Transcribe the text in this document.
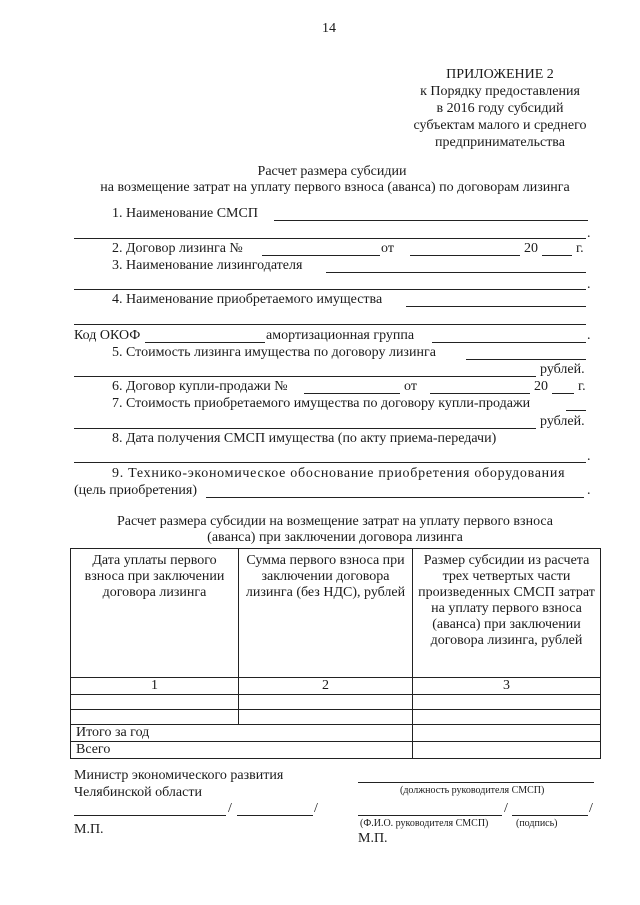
14
ПРИЛОЖЕНИЕ 2
к Порядку предоставления
в 2016 году субсидий
субъектам малого и среднего
предпринимательства
Расчет размера субсидии
на возмещение затрат на уплату первого взноса (аванса) по договорам лизинга
1. Наименование СМСП
.
2. Договор лизинга №	от	20	г.
3. Наименование лизингодателя
.
4. Наименование приобретаемого имущества
Код ОКОФ	амортизационная группа	.
5. Стоимость лизинга имущества по договору лизинга
рублей.
6. Договор купли-продажи №	от	20 г.
7. Стоимость приобретаемого имущества по договору купли-продажи
рублей.
8. Дата получения СМСП имущества (по акту приема-передачи)
.
9. Технико-экономическое обоснование приобретения оборудования
(цель приобретения)	.
Расчет размера субсидии на возмещение затрат на уплату первого взноса
(аванса) при заключении договора лизинга
Дата уплаты первого взноса при заключении договора лизинга	Сумма первого взноса при заключении договора лизинга (без НДС), рублей	Размер субсидии из расчета трех четвертых части произведенных СМСП затрат на уплату первого взноса (аванса) при заключении договора лизинга, рублей
1	2	3

Итого за год		
Всего		
Министр экономического развития
Челябинской области
/	/
М.П.
(должность руководителя СМСП)
/	/
(Ф.И.О. руководителя СМСП)	(подпись)
М.П.
